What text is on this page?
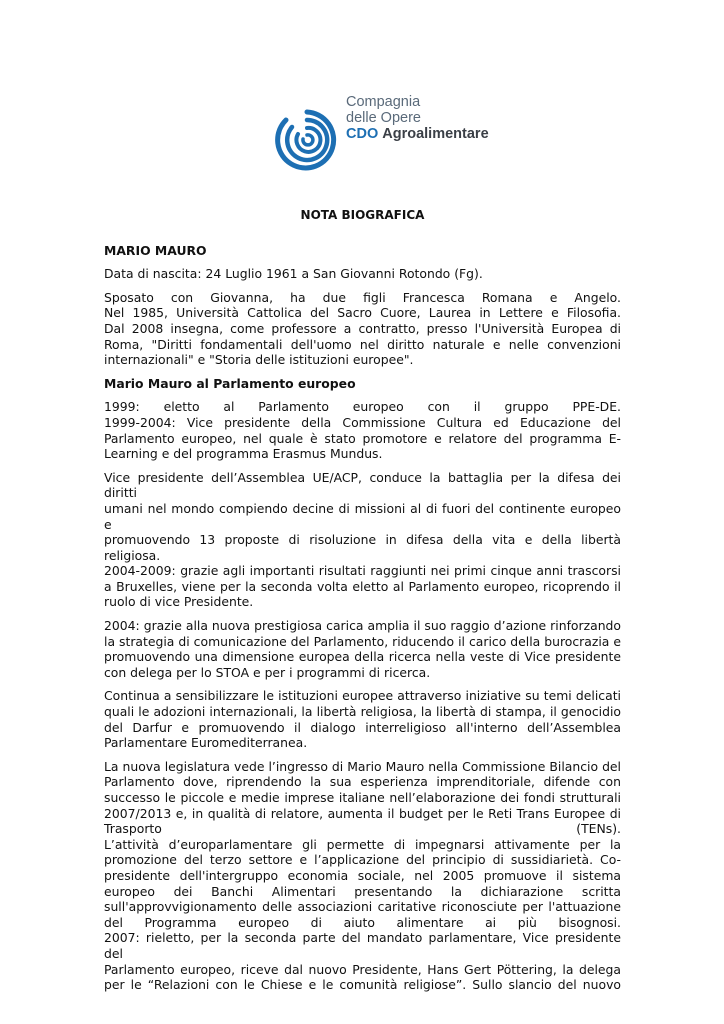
Compagnia
delle Opere
CDO Agroalimentare
NOTA BIOGRAFICA
MARIO MAURO

Data di nascita: 24 Luglio 1961 a San Giovanni Rotondo (Fg).

Sposato con Giovanna, ha due figli Francesca Romana e Angelo.
Nel 1985, Università Cattolica del Sacro Cuore, Laurea in Lettere e Filosofia.
Dal 2008 insegna, come professore a contratto, presso l'Università Europea di
Roma, "Diritti fondamentali dell'uomo nel diritto naturale e nelle convenzioni
internazionali" e "Storia delle istituzioni europee".

Mario Mauro al Parlamento europeo

1999: eletto al Parlamento europeo con il gruppo PPE-DE.
1999-2004: Vice presidente della Commissione Cultura ed Educazione del
Parlamento europeo, nel quale è stato promotore e relatore del programma E-
Learning e del programma Erasmus Mundus.

Vice presidente dell’Assemblea UE/ACP, conduce la battaglia per la difesa dei diritti
umani nel mondo compiendo decine di missioni al di fuori del continente europeo e
promuovendo 13 proposte di risoluzione in difesa della vita e della libertà religiosa.
2004-2009: grazie agli importanti risultati raggiunti nei primi cinque anni trascorsi
a Bruxelles, viene per la seconda volta eletto al Parlamento europeo, ricoprendo il
ruolo di vice Presidente.

2004: grazie alla nuova prestigiosa carica amplia il suo raggio d’azione rinforzando
la strategia di comunicazione del Parlamento, riducendo il carico della burocrazia e
promuovendo una dimensione europea della ricerca nella veste di Vice presidente
con delega per lo STOA e per i programmi di ricerca.

Continua a sensibilizzare le istituzioni europee attraverso iniziative su temi delicati
quali le adozioni internazionali, la libertà religiosa, la libertà di stampa, il genocidio
del Darfur e promuovendo il dialogo interreligioso all'interno dell’Assemblea
Parlamentare Euromediterranea.

La nuova legislatura vede l’ingresso di Mario Mauro nella Commissione Bilancio del
Parlamento dove, riprendendo la sua esperienza imprenditoriale, difende con
successo le piccole e medie imprese italiane nell’elaborazione dei fondi strutturali
2007/2013 e, in qualità di relatore, aumenta il budget per le Reti Trans Europee di
Trasporto (TENs).
L’attività d’europarlamentare gli permette di impegnarsi attivamente per la
promozione del terzo settore e l’applicazione del principio di sussidiarietà. Co-
presidente dell'intergruppo economia sociale, nel 2005 promuove il sistema
europeo dei Banchi Alimentari presentando la dichiarazione scritta
sull'approvvigionamento delle associazioni caritative riconosciute per l'attuazione
del Programma europeo di aiuto alimentare ai più bisognosi.
2007: rieletto, per la seconda parte del mandato parlamentare, Vice presidente del
Parlamento europeo, riceve dal nuovo Presidente, Hans Gert Pöttering, la delega
per le “Relazioni con le Chiese e le comunità religiose”. Sullo slancio del nuovo
